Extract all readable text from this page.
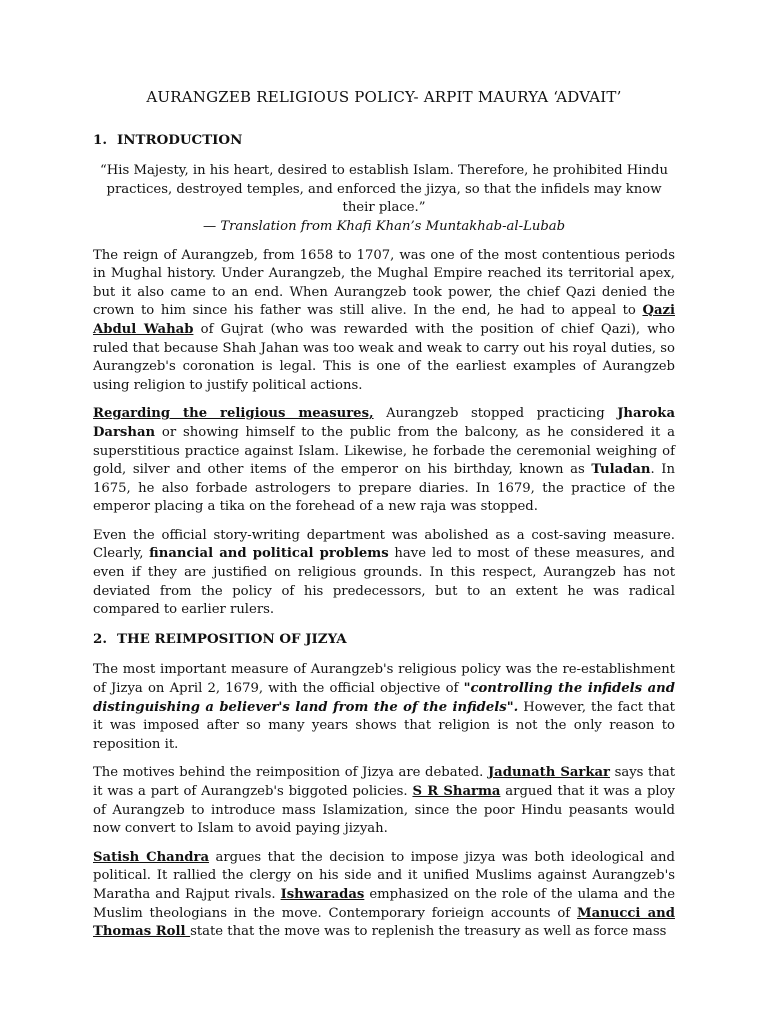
AURANGZEB RELIGIOUS POLICY- ARPIT MAURYA ‘ADVAIT’
1. INTRODUCTION
“His Majesty, in his heart, desired to establish Islam. Therefore, he prohibited Hindu practices, destroyed temples, and enforced the jizya, so that the infidels may know their place.”
— Translation from Khafi Khan’s Muntakhab-al-Lubab

The reign of Aurangzeb, from 1658 to 1707, was one of the most contentious periods in Mughal history. Under Aurangzeb, the Mughal Empire reached its territorial apex, but it also came to an end. When Aurangzeb took power, the chief Qazi denied the crown to him since his father was still alive. In the end, he had to appeal to Qazi Abdul Wahab of Gujrat (who was rewarded with the position of chief Qazi), who ruled that because Shah Jahan was too weak and weak to carry out his royal duties, so Aurangzeb's coronation is legal. This is one of the earliest examples of Aurangzeb using religion to justify political actions.

Regarding the religious measures, Aurangzeb stopped practicing Jharoka Darshan or showing himself to the public from the balcony, as he considered it a superstitious practice against Islam. Likewise, he forbade the ceremonial weighing of gold, silver and other items of the emperor on his birthday, known as Tuladan. In 1675, he also forbade astrologers to prepare diaries. In 1679, the practice of the emperor placing a tika on the forehead of a new raja was stopped.

Even the official story-writing department was abolished as a cost-saving measure. Clearly, financial and political problems have led to most of these measures, and even if they are justified on religious grounds. In this respect, Aurangzeb has not deviated from the policy of his predecessors, but to an extent he was radical compared to earlier rulers.

2. THE REIMPOSITION OF JIZYA

The most important measure of Aurangzeb's religious policy was the re-establishment of Jizya on April 2, 1679, with the official objective of "controlling the infidels and distinguishing a believer's land from the of the infidels". However, the fact that it was imposed after so many years shows that religion is not the only reason to reposition it.

The motives behind the reimposition of Jizya are debated. Jadunath Sarkar says that it was a part of Aurangzeb's biggoted policies. S R Sharma argued that it was a ploy of Aurangzeb to introduce mass Islamization, since the poor Hindu peasants would now convert to Islam to avoid paying jizyah.

Satish Chandra argues that the decision to impose jizya was both ideological and political. It rallied the clergy on his side and it unified Muslims against Aurangzeb's Maratha and Rajput rivals. Ishwaradas emphasized on the role of the ulama and the Muslim theologians in the move. Contemporary forieign accounts of Manucci and Thomas Roll state that the move was to replenish the treasury as well as force mass
